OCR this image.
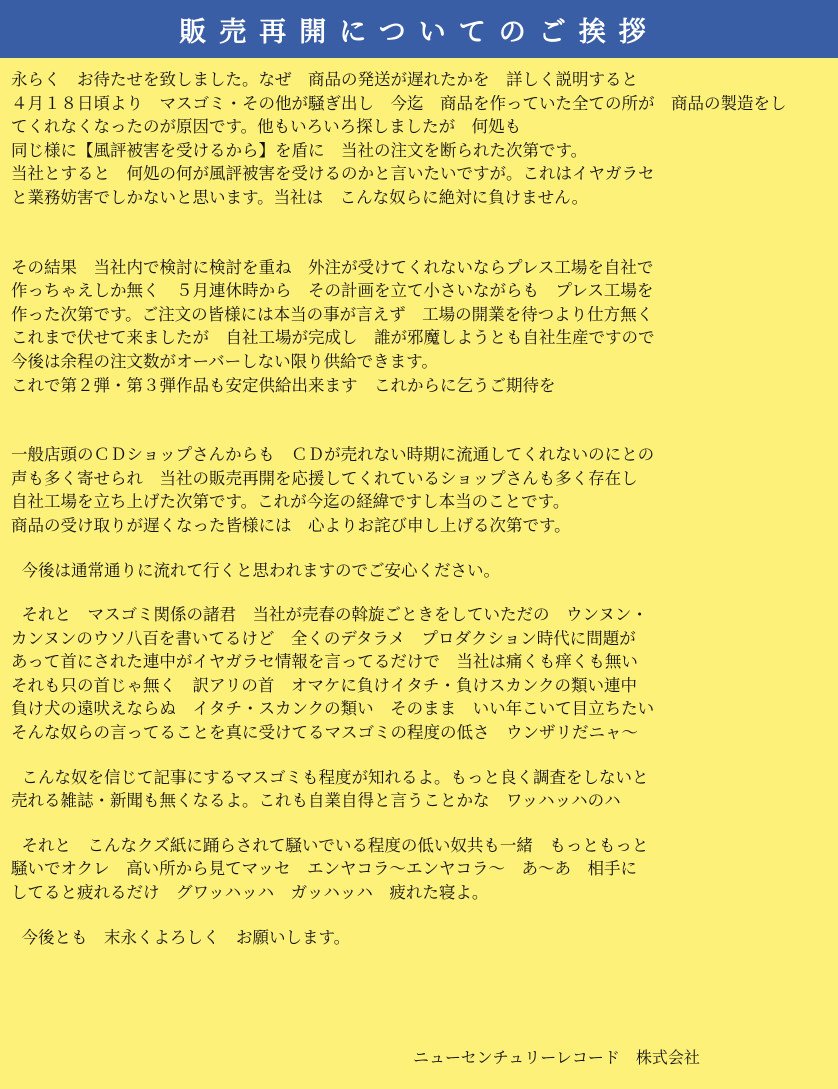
販売再開についてのご挨拶
永らく　お待たせを致しました。なぜ　商品の発送が遅れたかを　詳しく説明すると
４月１８日頃より　マスゴミ・その他が騒ぎ出し　今迄　商品を作っていた全ての所が　商品の製造をし
てくれなくなったのが原因です。他もいろいろ探しましたが　何処も
同じ様に【風評被害を受けるから】を盾に　当社の注文を断られた次第です。
当社とすると　何処の何が風評被害を受けるのかと言いたいですが。これはイヤガラセ
と業務妨害でしかないと思います。当社は　こんな奴らに絶対に負けません。
その結果　当社内で検討に検討を重ね　外注が受けてくれないならプレス工場を自社で
作っちゃえしか無く　５月連休時から　その計画を立て小さいながらも　プレス工場を
作った次第です。ご注文の皆様には本当の事が言えず　工場の開業を待つより仕方無く
これまで伏せて来ましたが　自社工場が完成し　誰が邪魔しようとも自社生産ですので
今後は余程の注文数がオーバーしない限り供給できます。
これで第２弾・第３弾作品も安定供給出来ます　これからに乞うご期待を
一般店頭のＣＤショップさんからも　ＣＤが売れない時期に流通してくれないのにとの
声も多く寄せられ　当社の販売再開を応援してくれているショップさんも多く存在し
自社工場を立ち上げた次第です。これが今迄の経緯ですし本当のことです。
商品の受け取りが遅くなった皆様には　心よりお詫び申し上げる次第です。
今後は通常通りに流れて行くと思われますのでご安心ください。
それと　マスゴミ関係の諸君　当社が売春の斡旋ごときをしていただの　ウンヌン・
カンヌンのウソ八百を書いてるけど　全くのデタラメ　プロダクション時代に問題が
あって首にされた連中がイヤガラセ情報を言ってるだけで　当社は痛くも痒くも無い
それも只の首じゃ無く　訳アリの首　オマケに負けイタチ・負けスカンクの類い連中
負け犬の遠吠えならぬ　イタチ・スカンクの類い　そのまま　いい年こいて目立ちたい
そんな奴らの言ってることを真に受けてるマスゴミの程度の低さ　ウンザリだニャ〜
こんな奴を信じて記事にするマスゴミも程度が知れるよ。もっと良く調査をしないと
売れる雑誌・新聞も無くなるよ。これも自業自得と言うことかな　ワッハッハのハ
それと　こんなクズ紙に踊らされて騒いでいる程度の低い奴共も一緒　もっともっと
騒いでオクレ　高い所から見てマッセ　エンヤコラ〜エンヤコラ〜　あ〜あ　相手に
してると疲れるだけ　グワッハッハ　ガッハッハ　疲れた寝よ。
今後とも　末永くよろしく　お願いします。
ニューセンチュリーレコード　株式会社
